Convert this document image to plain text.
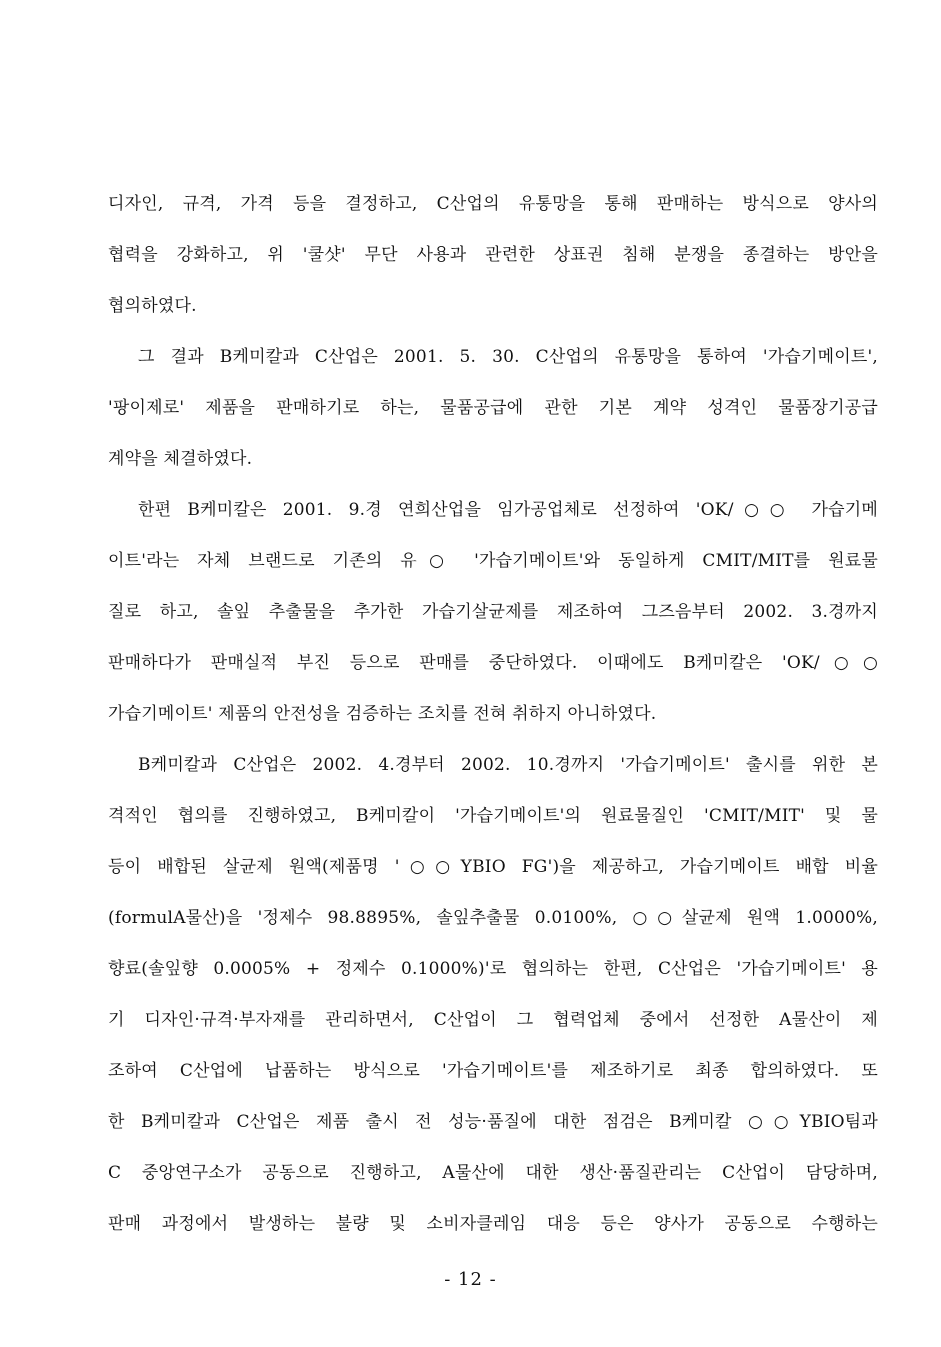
디자인, 규격, 가격 등을 결정하고, C산업의 유통망을 통해 판매하는 방식으로 양사의
협력을 강화하고, 위 '쿨샷' 무단 사용과 관련한 상표권 침해 분쟁을 종결하는 방안을
협의하였다.
그 결과 B케미칼과 C산업은 2001. 5. 30. C산업의 유통망을 통하여 '가습기메이트',
'팡이제로' 제품을 판매하기로 하는, 물품공급에 관한 기본 계약 성격인 물품장기공급
계약을 체결하였다.
한편 B케미칼은 2001. 9.경 연희산업을 임가공업체로 선정하여 'OK/○○ 가습기메
이트'라는 자체 브랜드로 기존의 유○ '가습기메이트'와 동일하게 CMIT/MIT를 원료물
질로 하고, 솔잎 추출물을 추가한 가습기살균제를 제조하여 그즈음부터 2002. 3.경까지
판매하다가 판매실적 부진 등으로 판매를 중단하였다. 이때에도 B케미칼은 'OK/○○
가습기메이트' 제품의 안전성을 검증하는 조치를 전혀 취하지 아니하였다.
B케미칼과 C산업은 2002. 4.경부터 2002. 10.경까지 '가습기메이트' 출시를 위한 본
격적인 협의를 진행하였고, B케미칼이 '가습기메이트'의 원료물질인 'CMIT/MIT' 및 물
등이 배합된 살균제 원액(제품명 '○○YBIO FG')을 제공하고, 가습기메이트 배합 비율
(formulA물산)을 '정제수 98.8895%, 솔잎추출물 0.0100%, ○○살균제 원액 1.0000%,
향료(솔잎향 0.0005% + 정제수 0.1000%)'로 협의하는 한편, C산업은 '가습기메이트' 용
기 디자인·규격·부자재를 관리하면서, C산업이 그 협력업체 중에서 선정한 A물산이 제
조하여 C산업에 납품하는 방식으로 '가습기메이트'를 제조하기로 최종 합의하였다. 또
한 B케미칼과 C산업은 제품 출시 전 성능·품질에 대한 점검은 B케미칼 ○○YBIO팀과
C 중앙연구소가 공동으로 진행하고, A물산에 대한 생산·품질관리는 C산업이 담당하며,
판매 과정에서 발생하는 불량 및 소비자클레임 대응 등은 양사가 공동으로 수행하는
- 12 -
